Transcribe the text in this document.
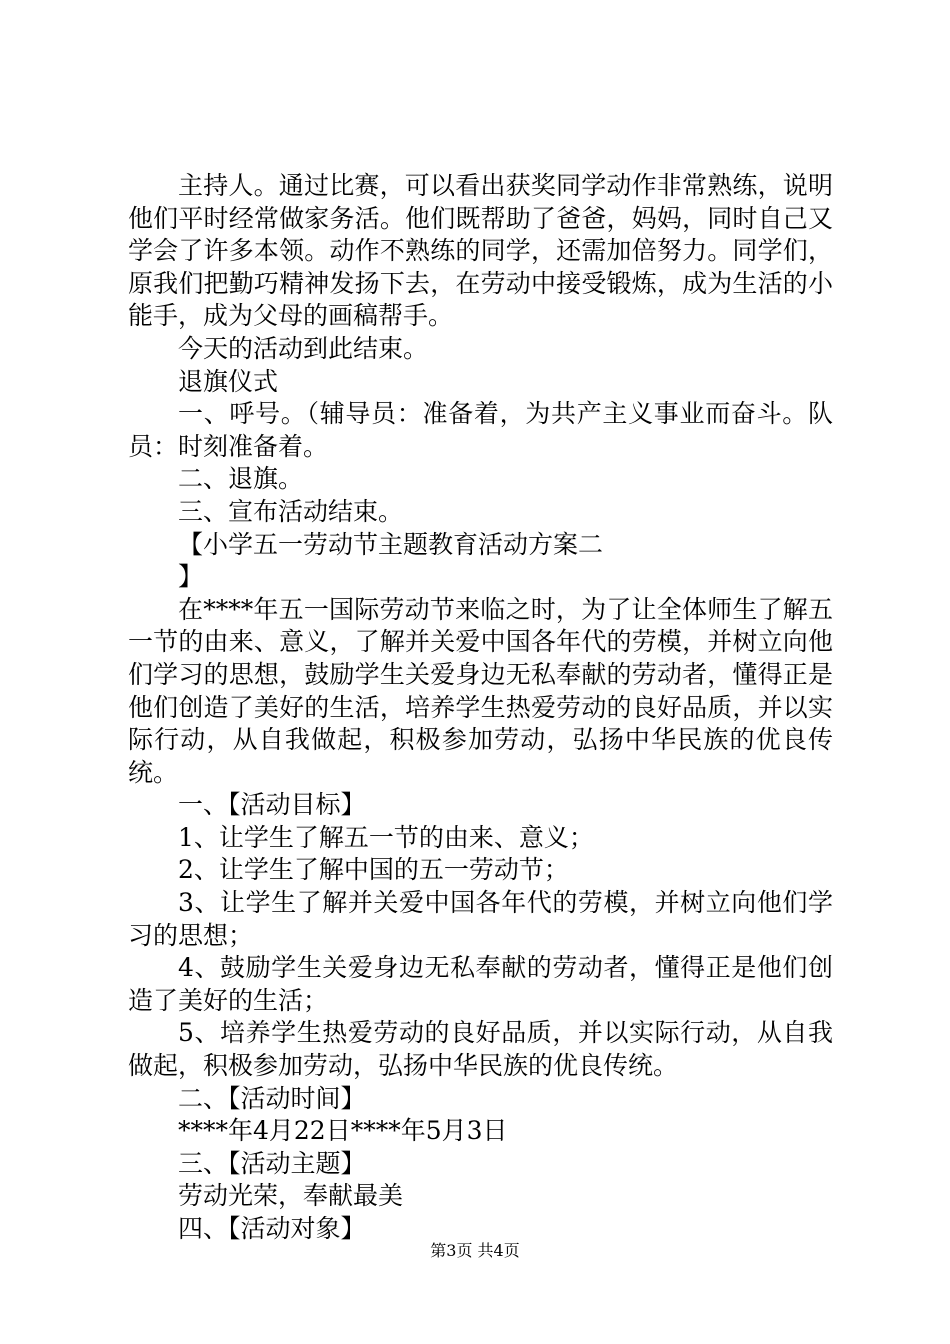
主持人。通过比赛，可以看出获奖同学动作非常熟练，说明他们平时经常做家务活。他们既帮助了爸爸，妈妈，同时自己又学会了许多本领。动作不熟练的同学，还需加倍努力。同学们，原我们把勤巧精神发扬下去，在劳动中接受锻炼，成为生活的小能手，成为父母的画稿帮手。

今天的活动到此结束。

退旗仪式

一、呼号。（辅导员：准备着，为共产主义事业而奋斗。队员：时刻准备着。

二、退旗。

三、宣布活动结束。

【小学五一劳动节主题教育活动方案二

】

在****年五一国际劳动节来临之时，为了让全体师生了解五一节的由来、意义，了解并关爱中国各年代的劳模，并树立向他们学习的思想，鼓励学生关爱身边无私奉献的劳动者，懂得正是他们创造了美好的生活，培养学生热爱劳动的良好品质，并以实际行动，从自我做起，积极参加劳动，弘扬中华民族的优良传统。

一、【活动目标】

1、让学生了解五一节的由来、意义；

2、让学生了解中国的五一劳动节；

3、让学生了解并关爱中国各年代的劳模，并树立向他们学习的思想；

4、鼓励学生关爱身边无私奉献的劳动者，懂得正是他们创造了美好的生活；

5、培养学生热爱劳动的良好品质，并以实际行动，从自我做起，积极参加劳动，弘扬中华民族的优良传统。

二、【活动时间】

****年4月22日****年5月3日

三、【活动主题】

劳动光荣，奉献最美

四、【活动对象】

第3页 共4页
